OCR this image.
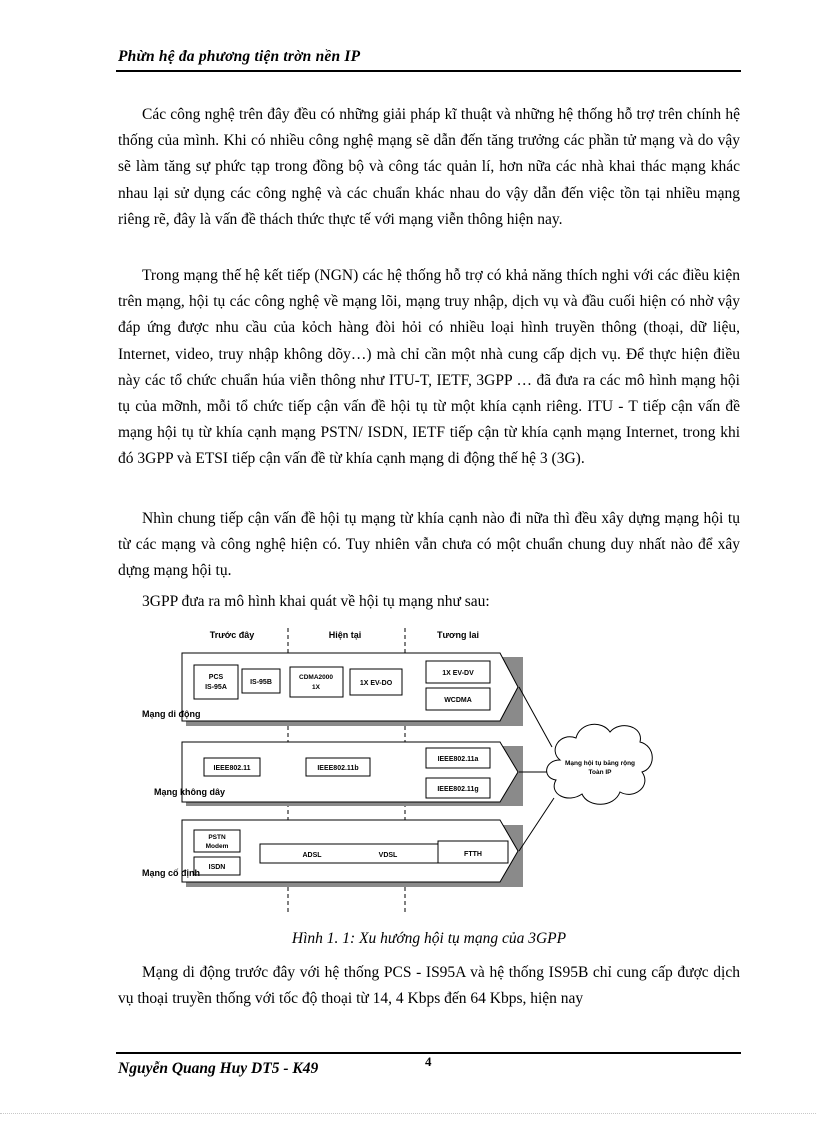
Phừn hệ đa phương tiện trờn nền IP

Các công nghệ trên đây đều có những giải pháp kĩ thuật và những hệ thống hỗ trợ trên chính hệ thống của mình. Khi có nhiều công nghệ mạng sẽ dẫn đến tăng trưởng các phần tử mạng và do vậy sẽ làm tăng sự phức tạp trong đồng bộ và công tác quản lí, hơn nữa các nhà khai thác mạng khác nhau lại sử dụng các công nghệ và các chuẩn khác nhau do vậy dẫn đến việc tồn tại nhiều mạng riêng rẽ, đây là vấn đề thách thức thực tế với mạng viễn thông hiện nay.

Trong mạng thế hệ kết tiếp (NGN) các hệ thống hỗ trợ có khả năng thích nghi với các điều kiện trên mạng, hội tụ các công nghệ về mạng lõi, mạng truy nhập, dịch vụ và đầu cuối hiện có nhờ vậy đáp ứng được nhu cầu của kỏch hàng đòi hỏi có nhiều loại hình truyền thông (thoại, dữ liệu, Internet, video, truy nhập không dõy…) mà chỉ cần một nhà cung cấp dịch vụ. Để thực hiện điều này các tổ chức chuẩn húa viễn thông như ITU-T, IETF, 3GPP … đã đưa ra các mô hình mạng hội tụ của mỡnh, mỗi tổ chức tiếp cận vấn đề hội tụ từ một khía cạnh riêng. ITU - T tiếp cận vấn đề mạng hội tụ từ khía cạnh mạng PSTN/ ISDN, IETF tiếp cận từ khía cạnh mạng Internet, trong khi đó 3GPP và ETSI tiếp cận vấn đề từ khía cạnh mạng di động thế hệ 3 (3G).

Nhìn chung tiếp cận vấn đề hội tụ mạng từ khía cạnh nào đi nữa thì đều xây dựng mạng hội tụ từ các mạng và công nghệ hiện có. Tuy nhiên vẫn chưa có một chuẩn chung duy nhất nào để xây dựng mạng hội tụ.

3GPP đưa ra mô hình khai quát về hội tụ mạng như sau:

Trước đây	Hiện tại	Tương lai
PCS
IS-95A
IS-95B
CDMA2000
1X
1X EV-DO
1X EV-DV
WCDMA
Mạng di động
IEEE802.11	IEEE802.11b
IEEE802.11a
IEEE802.11g
Mạng không dây
PSTN
Modem
ISDN
ADSL	VDSL	FTTH
Mạng cố định
Mạng hội tụ băng rộng
Toàn IP
Hình 1. 1: Xu hướng hội tụ mạng của 3GPP

Mạng di động trước đây với hệ thống PCS - IS95A và hệ thống IS95B chỉ cung cấp được dịch vụ thoại truyền thống với tốc độ thoại từ 14, 4 Kbps đến 64 Kbps, hiện nay

Nguyễn Quang Huy DT5 - K49	4
